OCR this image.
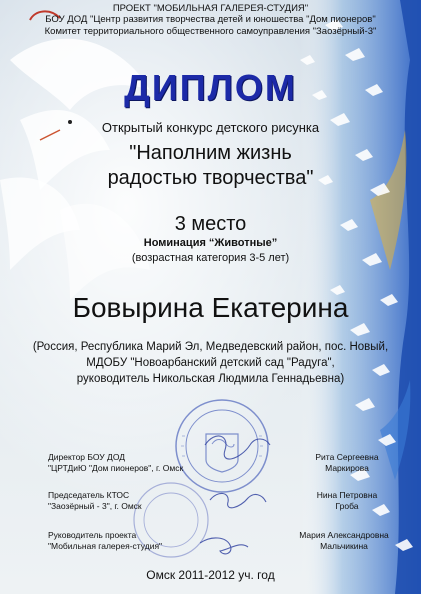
ПРОЕКТ "МОБИЛЬНАЯ ГАЛЕРЕЯ-СТУДИЯ"

БОУ ДОД "Центр развития творчества детей и юношества "Дом пионеров"

Комитет территориального общественного самоуправления "Заозёрный-3"

ДИПЛОМ

Открытый конкурс детского рисунка

"Наполним жизнь

радостью творчества"

3 место

Номинация “Животные”

(возрастная категория 3-5 лет)

Бовырина Екатерина

(Россия, Республика Марий Эл, Медведевский район, пос. Новый,

МДОБУ "Новоарбанский детский сад "Радуга",

руководитель Никольская Людмила Геннадьевна)

Директор БОУ ДОД

"ЦРТДиЮ "Дом пионеров", г. Омск

Рита Сергеевна

Маркирова

Председатель КТОС

"Заозёрный - 3", г. Омск

Нина Петровна

Гроба

Руководитель проекта

"Мобильная галерея-студия"

Мария Александровна

Мальчикина

Омск 2011-2012 уч. год
